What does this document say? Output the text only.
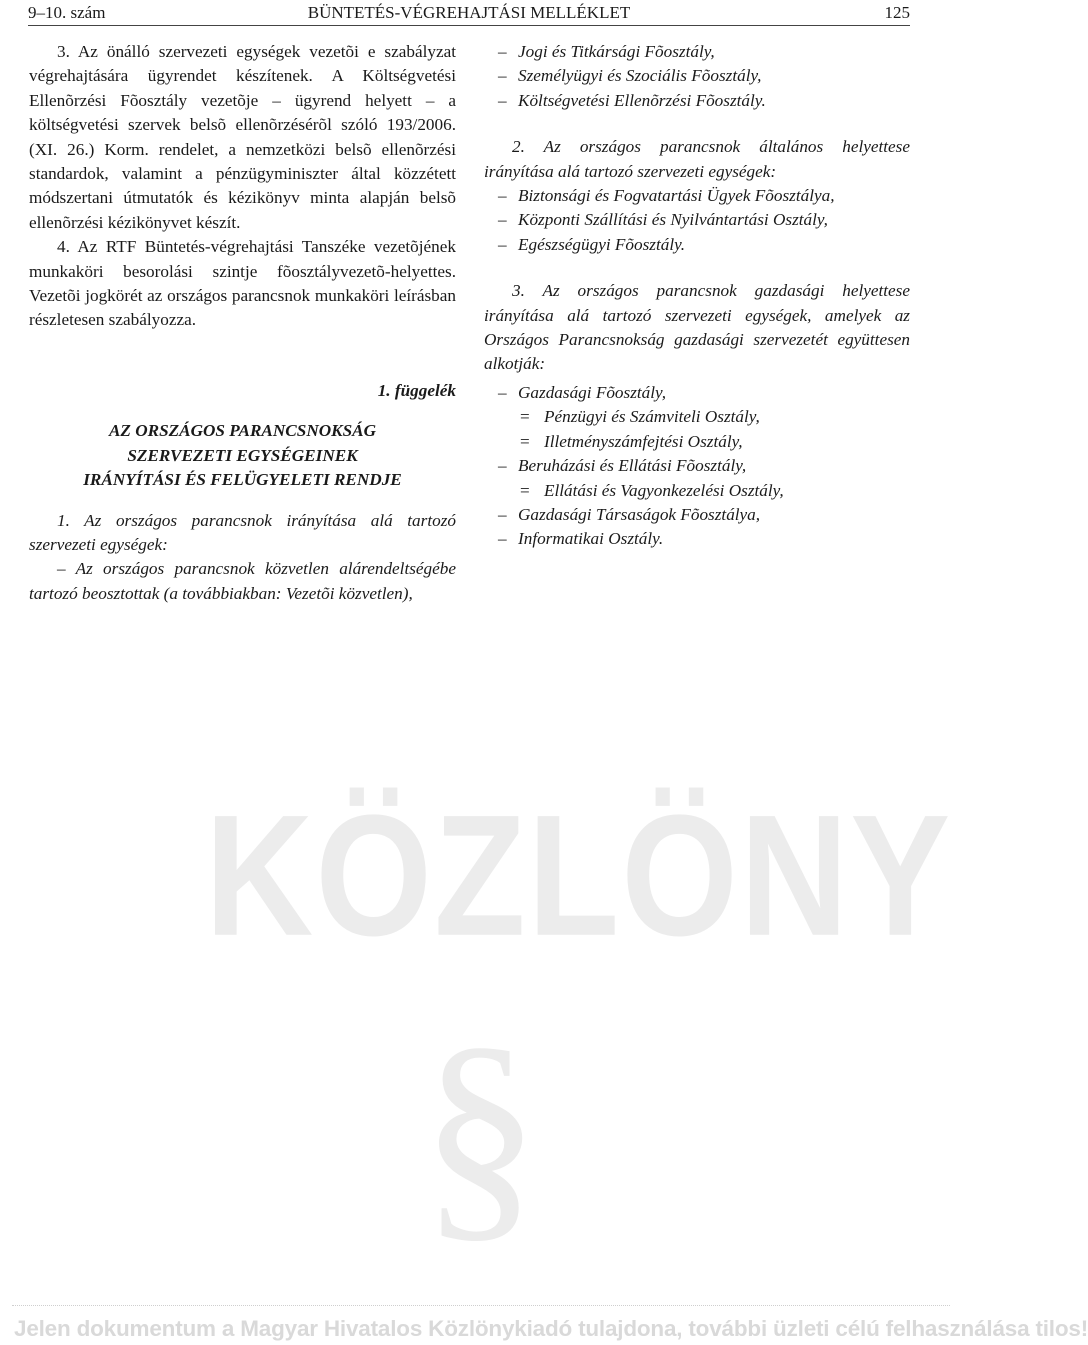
KÖZLÖNY
§
9–10. szám	BÜNTETÉS-VÉGREHAJTÁSI MELLÉKLET	125

3. Az önálló szervezeti egységek vezetõi e szabályzat végrehajtására ügyrendet készítenek. A Költségvetési Ellenõrzési Fõosztály vezetõje – ügyrend helyett – a költségvetési szervek belsõ ellenõrzésérõl szóló 193/2006. (XI. 26.) Korm. rendelet, a nemzetközi belsõ ellenõrzési standardok, valamint a pénzügyminiszter által közzétett módszertani útmutatók és kézikönyv minta alapján belsõ ellenõrzési kézikönyvet készít.

4. Az RTF Büntetés-végrehajtási Tanszéke vezetõjének munkaköri besorolási szintje fõosztályvezetõ-helyettes. Vezetõi jogkörét az országos parancsnok munkaköri leírásban részletesen szabályozza.

1. függelék

AZ ORSZÁGOS PARANCSNOKSÁG
SZERVEZETI EGYSÉGEINEK
IRÁNYÍTÁSI ÉS FELÜGYELETI RENDJE

1. Az országos parancsnok irányítása alá tartozó szervezeti egységek:

– Az országos parancsnok közvetlen alárendeltségébe tartozó beosztottak (a továbbiakban: Vezetõi közvetlen),

– Jogi és Titkársági Fõosztály,

– Személyügyi és Szociális Fõosztály,

– Költségvetési Ellenõrzési Fõosztály.

2. Az országos parancsnok általános helyettese irányítása alá tartozó szervezeti egységek:

– Biztonsági és Fogvatartási Ügyek Fõosztálya,

– Központi Szállítási és Nyilvántartási Osztály,

– Egészségügyi Fõosztály.

3. Az országos parancsnok gazdasági helyettese irányítása alá tartozó szervezeti egységek, amelyek az Országos Parancsnokság gazdasági szervezetét együttesen alkotják:

– Gazdasági Fõosztály,

= Pénzügyi és Számviteli Osztály,

= Illetményszámfejtési Osztály,

– Beruházási és Ellátási Fõosztály,

= Ellátási és Vagyonkezelési Osztály,

– Gazdasági Társaságok Fõosztálya,

– Informatikai Osztály.

Jelen dokumentum a Magyar Hivatalos Közlönykiadó tulajdona, további üzleti célú felhasználása tilos!
